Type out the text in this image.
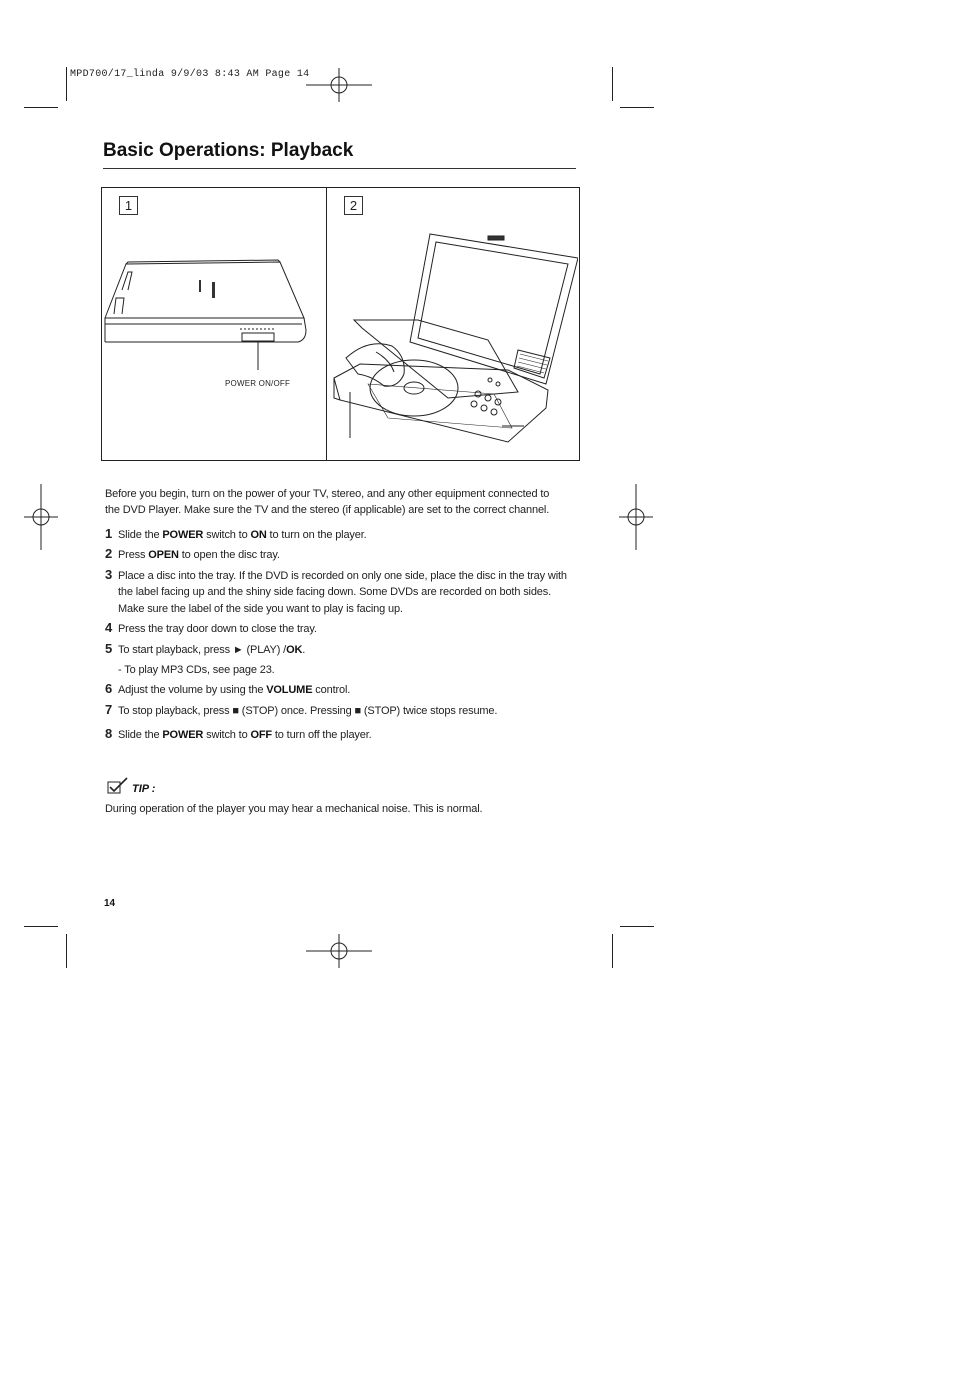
MPD700/17_linda 9/9/03 8:43 AM Page 14
Basic Operations: Playback
1	2
POWER ON/OFF
Before you begin, turn on the power of your TV, stereo, and any other equipment connected to the DVD Player. Make sure the TV and the stereo (if applicable) are set to the correct channel.
1 Slide the POWER switch to ON to turn on the player.
2 Press OPEN to open the disc tray.
3 Place a disc into the tray. If the DVD is recorded on only one side, place the disc in the tray with the label facing up and the shiny side facing down. Some DVDs are recorded on both sides. Make sure the label of the side you want to play is facing up.
4 Press the tray door down to close the tray.
5 To start playback, press ► (PLAY) /OK.
- To play MP3 CDs, see page 23.
6 Adjust the volume by using the VOLUME control.
7 To stop playback, press ■ (STOP) once. Pressing ■ (STOP) twice stops resume.
8 Slide the POWER switch to OFF to turn off the player.
TIP :
During operation of the player you may hear a mechanical noise. This is normal.
14
